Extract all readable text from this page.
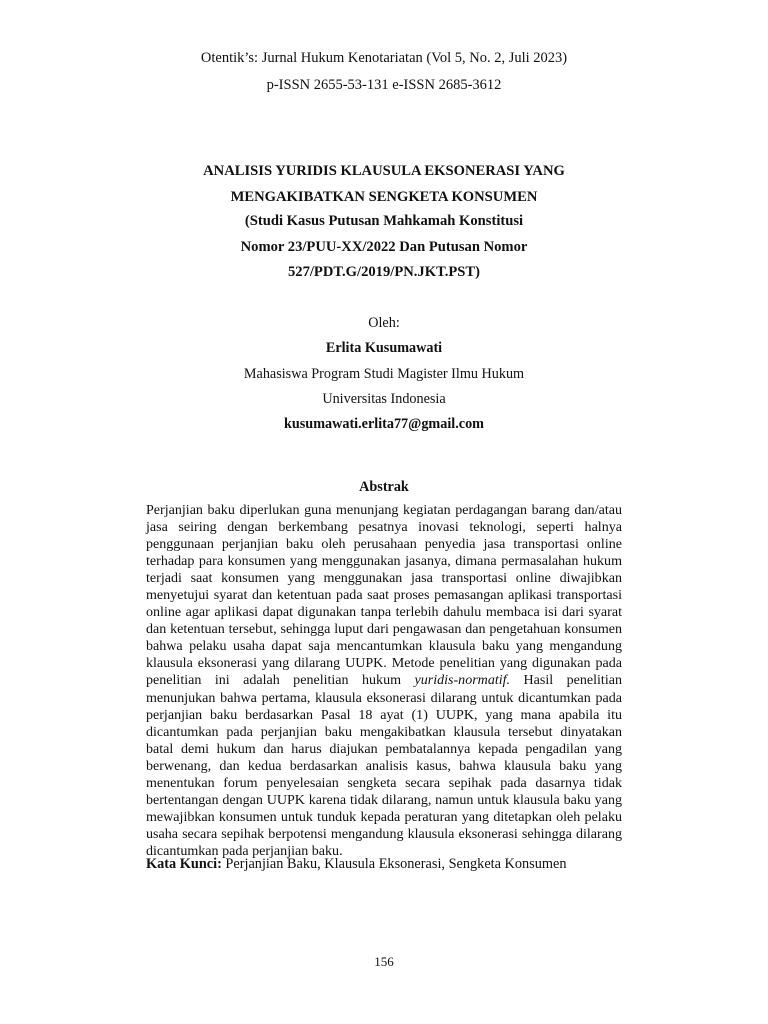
Otentik’s: Jurnal Hukum Kenotariatan (Vol 5, No. 2, Juli 2023)
p-ISSN 2655-53-131 e-ISSN 2685-3612
ANALISIS YURIDIS KLAUSULA EKSONERASI YANG
MENGAKIBATKAN SENGKETA KONSUMEN
(Studi Kasus Putusan Mahkamah Konstitusi
Nomor 23/PUU-XX/2022 Dan Putusan Nomor
527/PDT.G/2019/PN.JKT.PST)
Oleh:
Erlita Kusumawati
Mahasiswa Program Studi Magister Ilmu Hukum
Universitas Indonesia
kusumawati.erlita77@gmail.com
Abstrak

Perjanjian baku diperlukan guna menunjang kegiatan perdagangan barang dan/atau jasa seiring dengan berkembang pesatnya inovasi teknologi, seperti halnya penggunaan perjanjian baku oleh perusahaan penyedia jasa transportasi online terhadap para konsumen yang menggunakan jasanya, dimana permasalahan hukum terjadi saat konsumen yang menggunakan jasa transportasi online diwajibkan menyetujui syarat dan ketentuan pada saat proses pemasangan aplikasi transportasi online agar aplikasi dapat digunakan tanpa terlebih dahulu membaca isi dari syarat dan ketentuan tersebut, sehingga luput dari pengawasan dan pengetahuan konsumen bahwa pelaku usaha dapat saja mencantumkan klausula baku yang mengandung klausula eksonerasi yang dilarang UUPK. Metode penelitian yang digunakan pada penelitian ini adalah penelitian hukum yuridis-normatif. Hasil penelitian menunjukan bahwa pertama, klausula eksonerasi dilarang untuk dicantumkan pada perjanjian baku berdasarkan Pasal 18 ayat (1) UUPK, yang mana apabila itu dicantumkan pada perjanjian baku mengakibatkan klausula tersebut dinyatakan batal demi hukum dan harus diajukan pembatalannya kepada pengadilan yang berwenang, dan kedua berdasarkan analisis kasus, bahwa klausula baku yang menentukan forum penyelesaian sengketa secara sepihak pada dasarnya tidak bertentangan dengan UUPK karena tidak dilarang, namun untuk klausula baku yang mewajibkan konsumen untuk tunduk kepada peraturan yang ditetapkan oleh pelaku usaha secara sepihak berpotensi mengandung klausula eksonerasi sehingga dilarang dicantumkan pada perjanjian baku.

Kata Kunci: Perjanjian Baku, Klausula Eksonerasi, Sengketa Konsumen
156
